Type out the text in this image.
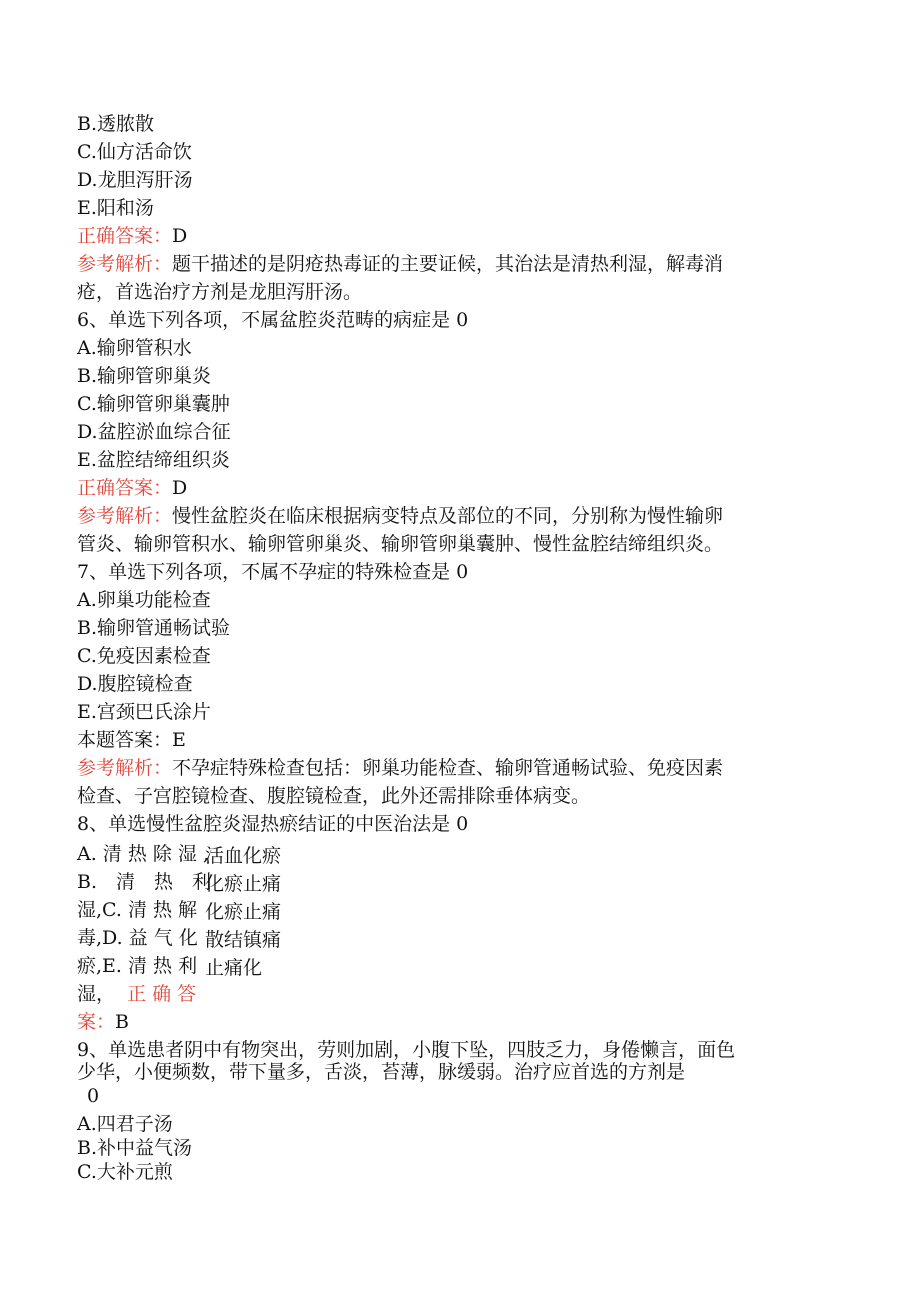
B.透脓散
C.仙方活命饮
D.龙胆泻肝汤
E.阳和汤
正确答案：D
参考解析：题干描述的是阴疮热毒证的主要证候，其治法是清热利湿，解毒消
疮，首选治疗方剂是龙胆泻肝汤。
6、单选下列各项，不属盆腔炎范畴的病症是 0
A.输卵管积水
B.输卵管卵巢炎
C.输卵管卵巢囊肿
D.盆腔淤血综合征
E.盆腔结缔组织炎
正确答案：D
参考解析：慢性盆腔炎在临床根据病变特点及部位的不同，分别称为慢性输卵
管炎、输卵管积水、输卵管卵巢炎、输卵管卵巢囊肿、慢性盆腔结缔组织炎。
7、单选下列各项，不属不孕症的特殊检查是 0
A.卵巢功能检查
B.输卵管通畅试验
C.免疫因素检查
D.腹腔镜检查
E.宫颈巴氏涂片
本题答案：E
参考解析：不孕症特殊检查包括：卵巢功能检查、输卵管通畅试验、免疫因素
检查、子宫腔镜检查、腹腔镜检查，此外还需排除垂体病变。
8、单选慢性盆腔炎湿热瘀结证的中医治法是 0
A. 清 热 除 湿 ,
B.　清　热　利
湿,C. 清 热 解
毒,D. 益 气 化
瘀,E. 清 热 利
湿， 正 确 答
案：B
活血化瘀
化瘀止痛
化瘀止痛
散结镇痛
止痛化
9、单选患者阴中有物突出，劳则加剧，小腹下坠，四肢乏力，身倦懒言，面色
少华，小便频数，带下量多，舌淡，苔薄，脉缓弱。治疗应首选的方剂是
0
A.四君子汤
B.补中益气汤
C.大补元煎
